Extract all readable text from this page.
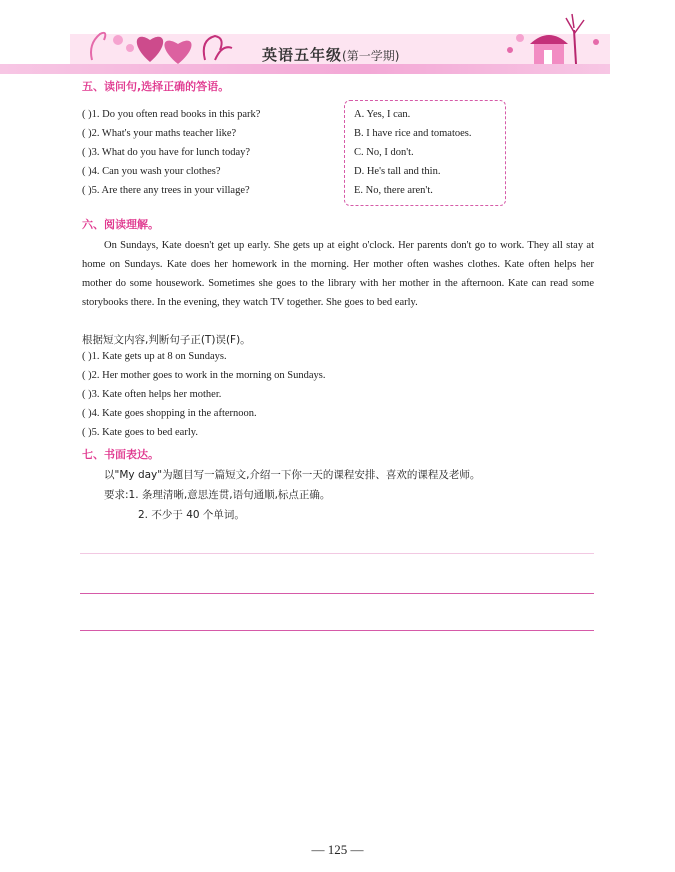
英语五年级(第一学期)
五、读问句,选择正确的答语。
( )1. Do you often read books in this park?
( )2. What's your maths teacher like?
( )3. What do you have for lunch today?
( )4. Can you wash your clothes?
( )5. Are there any trees in your village?
A. Yes, I can.
B. I have rice and tomatoes.
C. No, I don't.
D. He's tall and thin.
E. No, there aren't.
六、阅读理解。
On Sundays, Kate doesn't get up early. She gets up at eight o'clock. Her parents don't go to work. They all stay at home on Sundays. Kate does her homework in the morning. Her mother often washes clothes. Kate often helps her mother do some housework. Sometimes she goes to the library with her mother in the afternoon. Kate can read some storybooks there. In the evening, they watch TV together. She goes to bed early.
根据短文内容,判断句子正(T)误(F)。
( )1. Kate gets up at 8 on Sundays.
( )2. Her mother goes to work in the morning on Sundays.
( )3. Kate often helps her mother.
( )4. Kate goes shopping in the afternoon.
( )5. Kate goes to bed early.
七、书面表达。
以"My day"为题目写一篇短文,介绍一下你一天的课程安排、喜欢的课程及老师。
要求:1. 条理清晰,意思连贯,语句通顺,标点正确。
2. 不少于 40 个单词。
— 125 —
